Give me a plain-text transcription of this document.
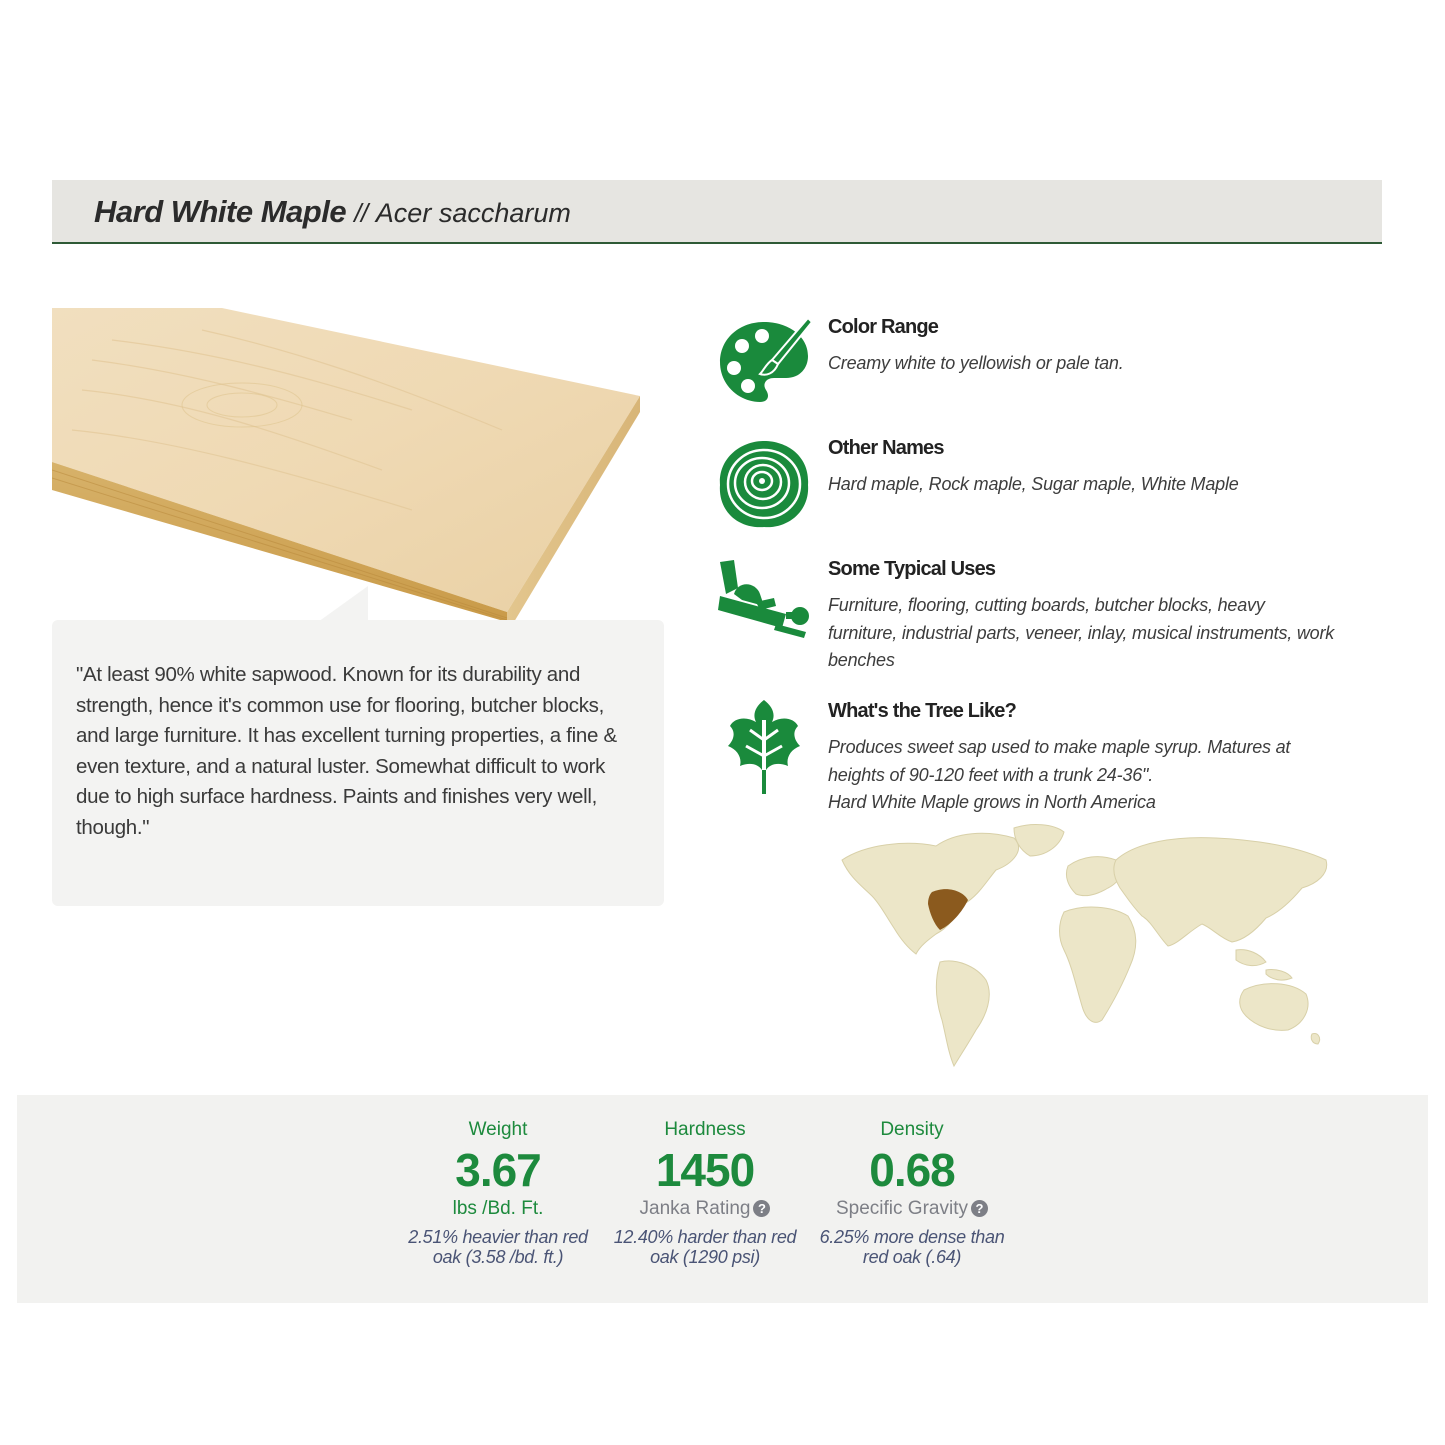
Hard White Maple // Acer saccharum

"At least 90% white sapwood. Known for its durability and strength, hence it's common use for flooring, butcher blocks, and large furniture. It has excellent turning properties, a fine & even texture, and a natural luster. Somewhat difficult to work due to high surface hardness. Paints and finishes very well, though."

Color Range

Creamy white to yellowish or pale tan.

Other Names

Hard maple, Rock maple, Sugar maple, White Maple

Some Typical Uses

Furniture, flooring, cutting boards, butcher blocks, heavy furniture, industrial parts, veneer, inlay, musical instruments, work benches

What's the Tree Like?

Produces sweet sap used to make maple syrup. Matures at heights of 90-120 feet with a trunk 24-36".
Hard White Maple grows in North America

Weight
3.67
lbs /Bd. Ft.
2.51% heavier than red oak (3.58 /bd. ft.)
Hardness
1450
Janka Rating ?
12.40% harder than red oak (1290 psi)
Density
0.68
Specific Gravity ?
6.25% more dense than red oak (.64)
